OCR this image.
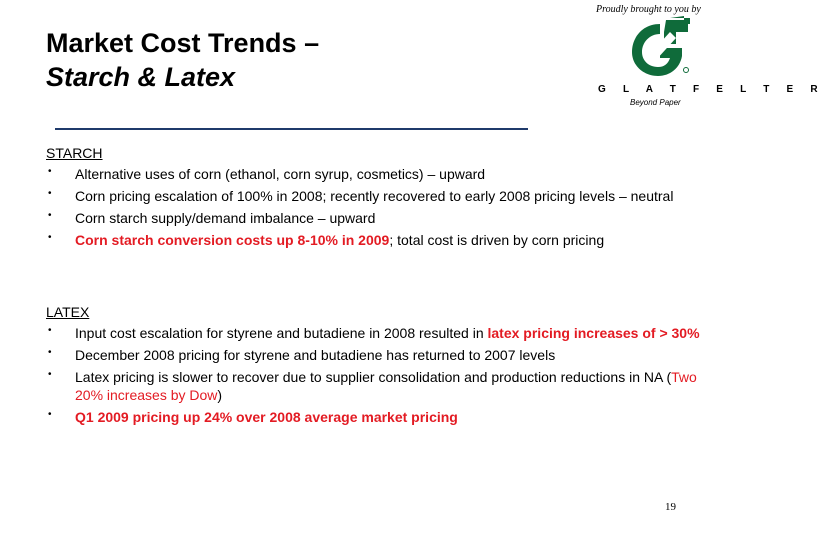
Market Cost Trends –
Starch & Latex
Proudly brought to you by
G L A T F E L T E R
Beyond Paper
STARCH
• Alternative uses of corn (ethanol, corn syrup, cosmetics) – upward
• Corn pricing escalation of 100% in 2008; recently recovered to early 2008 pricing levels – neutral
• Corn starch supply/demand imbalance – upward
• Corn starch conversion costs up 8-10% in 2009; total cost is driven by corn pricing
LATEX
• Input cost escalation for styrene and butadiene in 2008 resulted in latex pricing increases of > 30%
• December 2008 pricing for styrene and butadiene has returned to 2007 levels
• Latex pricing is slower to recover due to supplier consolidation and production reductions in NA (Two 20% increases by Dow)
• Q1 2009 pricing up 24% over 2008 average market pricing
19
